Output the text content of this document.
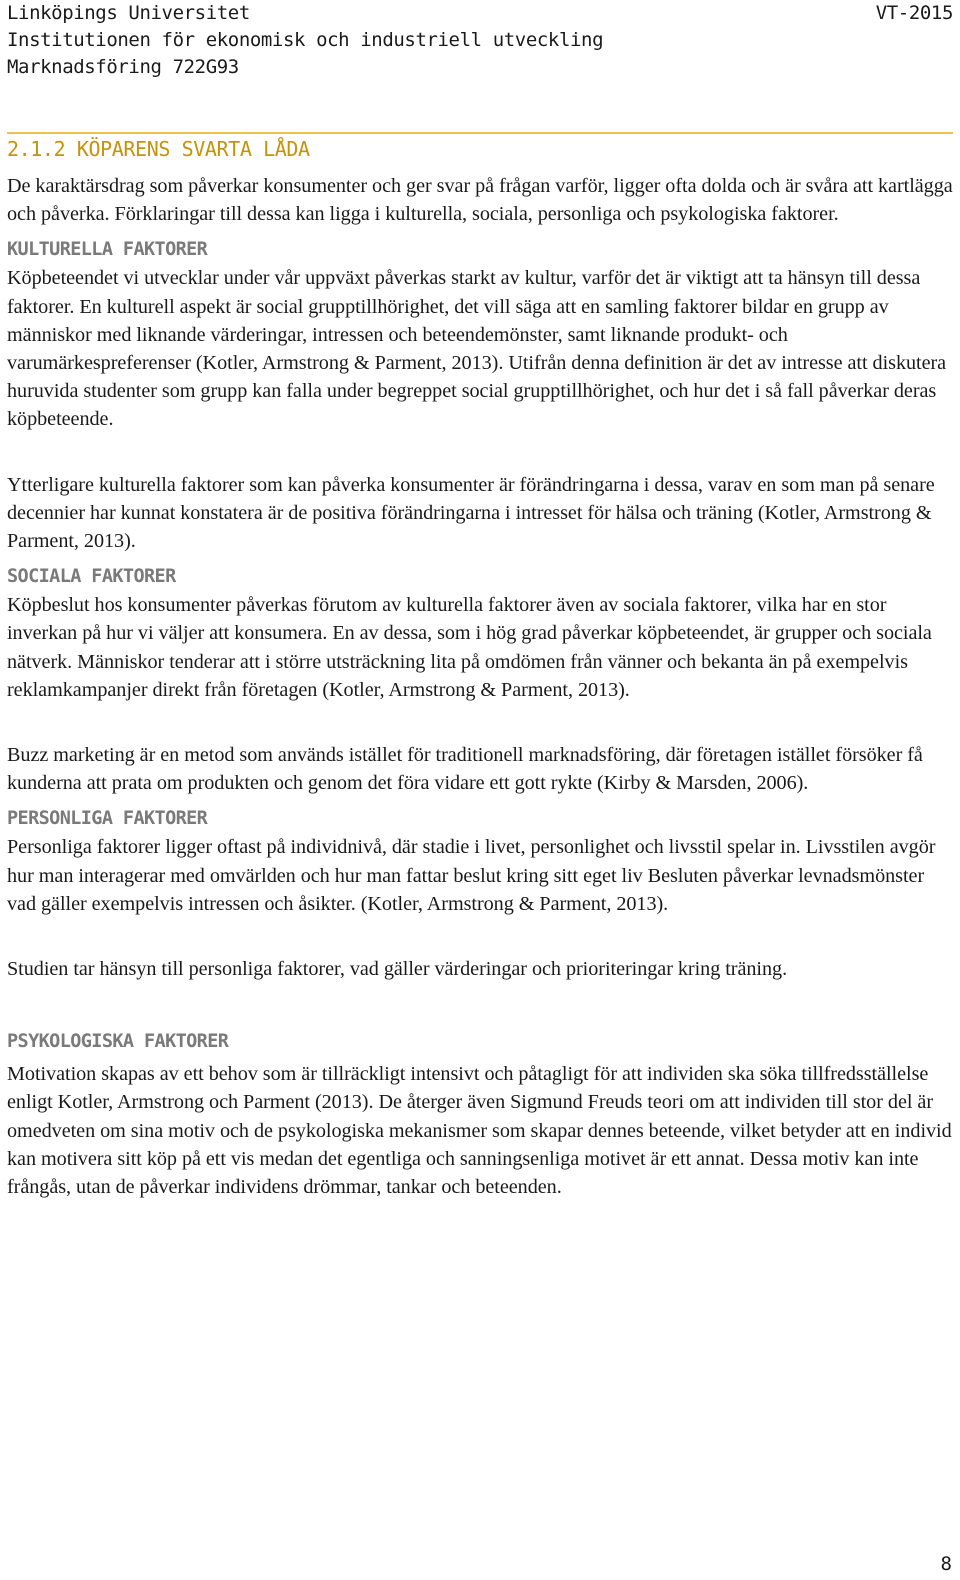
Linköpings Universitet
Institutionen för ekonomisk och industriell utveckling
Marknadsföring 722G93
VT-2015
2.1.2 KÖPARENS SVARTA LÅDA

De karaktärsdrag som påverkar konsumenter och ger svar på frågan varför, ligger ofta dolda och är svåra att kartlägga och påverka. Förklaringar till dessa kan ligga i kulturella, sociala, personliga och psykologiska faktorer.

KULTURELLA FAKTORER

Köpbeteendet vi utvecklar under vår uppväxt påverkas starkt av kultur, varför det är viktigt att ta hänsyn till dessa faktorer. En kulturell aspekt är social grupptillhörighet, det vill säga att en samling faktorer bildar en grupp av människor med liknande värderingar, intressen och beteendemönster, samt liknande produkt- och varumärkespreferenser (Kotler, Armstrong & Parment, 2013). Utifrån denna definition är det av intresse att diskutera huruvida studenter som grupp kan falla under begreppet social grupptillhörighet, och hur det i så fall påverkar deras köpbeteende.

Ytterligare kulturella faktorer som kan påverka konsumenter är förändringarna i dessa, varav en som man på senare decennier har kunnat konstatera är de positiva förändringarna i intresset för hälsa och träning (Kotler, Armstrong & Parment, 2013).

SOCIALA FAKTORER

Köpbeslut hos konsumenter påverkas förutom av kulturella faktorer även av sociala faktorer, vilka har en stor inverkan på hur vi väljer att konsumera. En av dessa, som i hög grad påverkar köpbeteendet, är grupper och sociala nätverk. Människor tenderar att i större utsträckning lita på omdömen från vänner och bekanta än på exempelvis reklamkampanjer direkt från företagen (Kotler, Armstrong & Parment, 2013).

Buzz marketing är en metod som används istället för traditionell marknadsföring, där företagen istället försöker få kunderna att prata om produkten och genom det föra vidare ett gott rykte (Kirby & Marsden, 2006).

PERSONLIGA FAKTORER

Personliga faktorer ligger oftast på individnivå, där stadie i livet, personlighet och livsstil spelar in. Livsstilen avgör hur man interagerar med omvärlden och hur man fattar beslut kring sitt eget liv Besluten påverkar levnadsmönster vad gäller exempelvis intressen och åsikter. (Kotler, Armstrong & Parment, 2013).

Studien tar hänsyn till personliga faktorer, vad gäller värderingar och prioriteringar kring träning.

PSYKOLOGISKA FAKTORER

Motivation skapas av ett behov som är tillräckligt intensivt och påtagligt för att individen ska söka tillfredsställelse enligt Kotler, Armstrong och Parment (2013). De återger även Sigmund Freuds teori om att individen till stor del är omedveten om sina motiv och de psykologiska mekanismer som skapar dennes beteende, vilket betyder att en individ kan motivera sitt köp på ett vis medan det egentliga och sanningsenliga motivet är ett annat. Dessa motiv kan inte frångås, utan de påverkar individens drömmar, tankar och beteenden.

8
